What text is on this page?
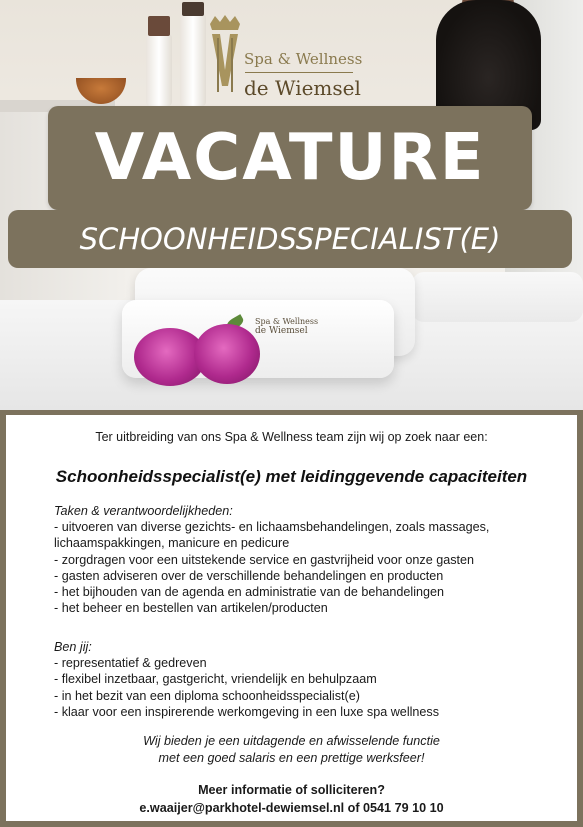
Spa & Wellness
de Wiemsel
Spa & Wellness
de Wiemsel
VACATURE
SCHOONHEIDSSPECIALIST(E)
Ter uitbreiding van ons Spa & Wellness team zijn wij op zoek naar een:
Schoonheidsspecialist(e) met leidinggevende capaciteiten
Taken & verantwoordelijkheden:
- uitvoeren van diverse gezichts- en lichaamsbehandelingen, zoals massages,
lichaamspakkingen, manicure en pedicure
- zorgdragen voor een uitstekende service en gastvrijheid voor onze gasten
- gasten adviseren over de verschillende behandelingen en producten
- het bijhouden van de agenda en administratie van de behandelingen
- het beheer en bestellen van artikelen/producten
Ben jij:
- representatief & gedreven
- flexibel inzetbaar, gastgericht, vriendelijk en behulpzaam
- in het bezit van een diploma schoonheidsspecialist(e)
- klaar voor een inspirerende werkomgeving in een luxe spa wellness
Wij bieden je een uitdagende en afwisselende functie
met een goed salaris en een prettige werksfeer!
Meer informatie of solliciteren?
e.waaijer@parkhotel-dewiemsel.nl of 0541 79 10 10
